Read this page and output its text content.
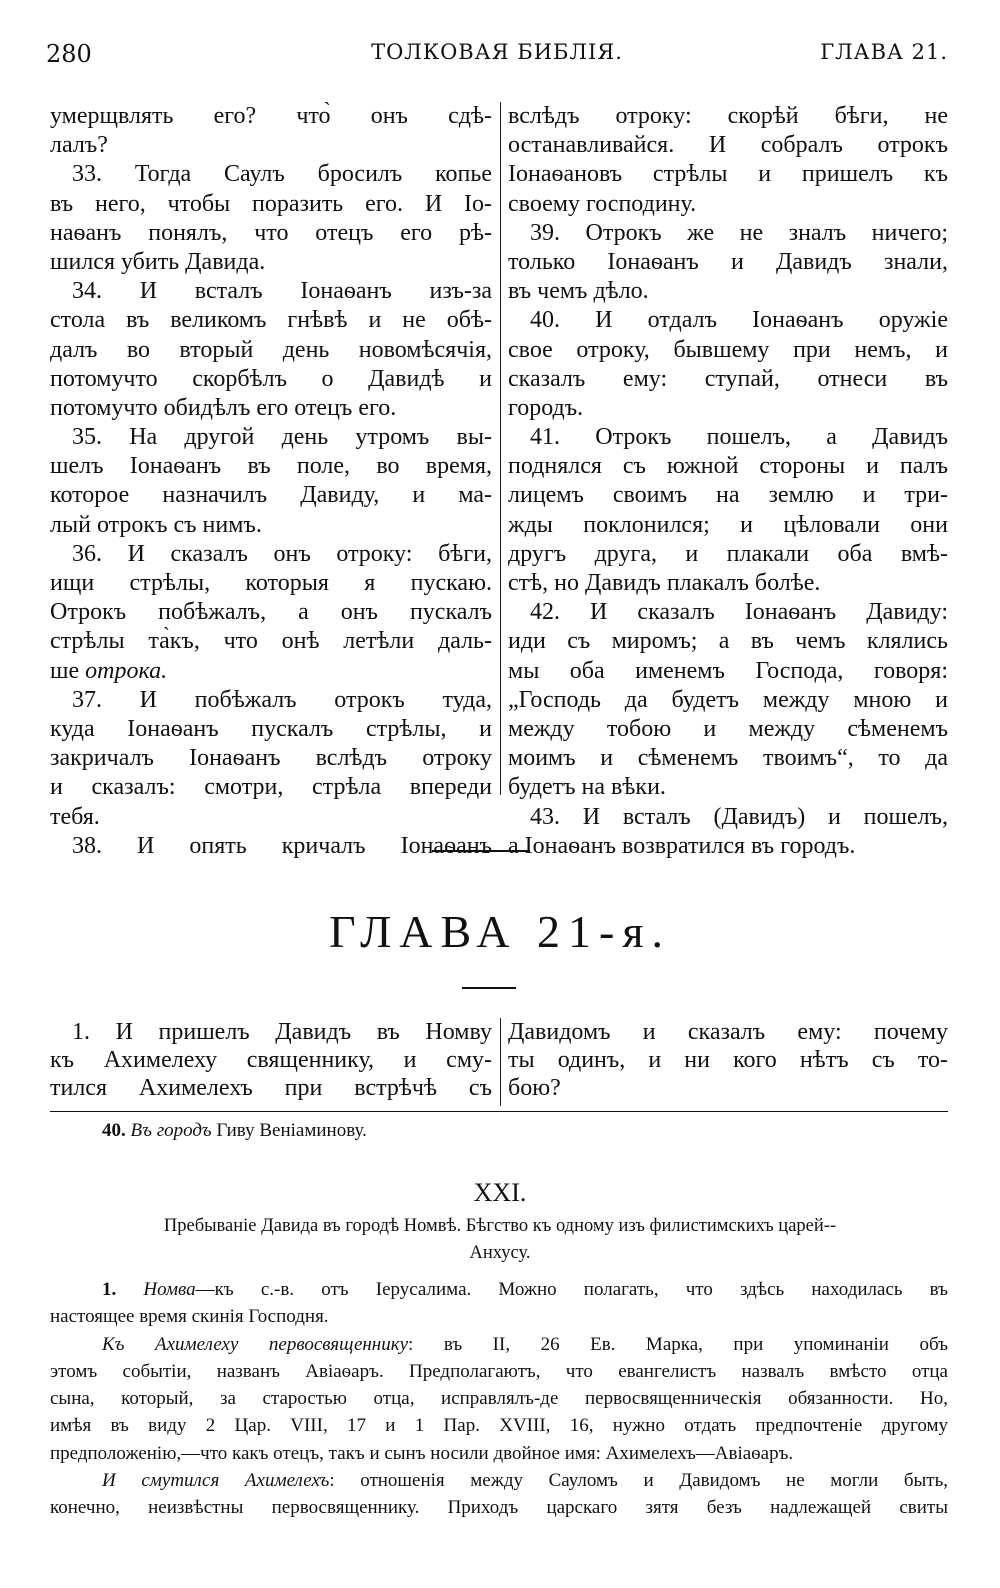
280	ТОЛКОВАЯ БИБЛІЯ.	ГЛАВА 21.
умерщвлять его? что̀ онъ сдѣ-
лалъ?
33. Тогда Саулъ бросилъ копье
въ него, чтобы поразить его. И Іо-
наѳанъ понялъ, что отецъ его рѣ-
шился убить Давида.
34. И всталъ Іонаѳанъ изъ-за
стола въ великомъ гнѣвѣ и не обѣ-
далъ во вторый день новомѣсячія,
потомучто скорбѣлъ о Давидѣ и
потомучто обидѣлъ его отецъ его.
35. На другой день утромъ вы-
шелъ Іонаѳанъ въ поле, во время,
которое назначилъ Давиду, и ма-
лый отрокъ съ нимъ.
36. И сказалъ онъ отроку: бѣги,
ищи стрѣлы, которыя я пускаю.
Отрокъ побѣжалъ, а онъ пускалъ
стрѣлы та̀къ, что онѣ летѣли даль-
ше отрока.
37. И побѣжалъ отрокъ туда,
куда Іонаѳанъ пускалъ стрѣлы, и
закричалъ Іонаѳанъ вслѣдъ отроку
и сказалъ: смотри, стрѣла впереди
тебя.
38. И опять кричалъ Іонаѳанъ
вслѣдъ отроку: скорѣй бѣги, не
останавливайся. И собралъ отрокъ
Іонаѳановъ стрѣлы и пришелъ къ
своему господину.
39. Отрокъ же не зналъ ничего;
только Іонаѳанъ и Давидъ знали,
въ чемъ дѣло.
40. И отдалъ Іонаѳанъ оружіе
свое отроку, бывшему при немъ, и
сказалъ ему: ступай, отнеси въ
городъ.
41. Отрокъ пошелъ, а Давидъ
поднялся съ южной стороны и палъ
лицемъ своимъ на землю и три-
жды поклонился; и цѣловали они
другъ друга, и плакали оба вмѣ-
стѣ, но Давидъ плакалъ болѣе.
42. И сказалъ Іонаѳанъ Давиду:
иди съ миромъ; а въ чемъ клялись
мы оба именемъ Господа, говоря:
„Господь да будетъ между мною и
между тобою и между сѣменемъ
моимъ и сѣменемъ твоимъ“, то да
будетъ на вѣки.
43. И всталъ (Давидъ) и пошелъ,
а Іонаѳанъ возвратился въ городъ.
ГЛАВА 21-я.
1. И пришелъ Давидъ въ Номву
къ Ахимелеху священнику, и сму-
тился Ахимелехъ при встрѣчѣ съ
Давидомъ и сказалъ ему: почему
ты одинъ, и ни кого нѣтъ съ то-
бою?
40. Въ городъ Гиву Веніаминову.
XXI.
Пребываніе Давида въ городѣ Номвѣ. Бѣгство къ одному изъ филистимскихъ царей--
Анхусу.
1. Номва—къ с.-в. отъ Іерусалима. Можно полагать, что здѣсь находилась въ
настоящее время скинія Господня.
Къ Ахимелеху первосвященнику: въ II, 26 Ев. Марка, при упоминаніи объ
этомъ событіи, названъ Авіаѳаръ. Предполагаютъ, что евангелистъ назвалъ вмѣсто отца
сына, который, за старостью отца, исправлялъ-де первосвященническія обязанности. Но,
имѣя въ виду 2 Цар. VIII, 17 и 1 Пар. XVIII, 16, нужно отдать предпочтеніе другому
предположенію,—что какъ отецъ, такъ и сынъ носили двойное имя: Ахимелехъ—Авіаѳаръ.
И смутился Ахимелехъ: отношенія между Сауломъ и Давидомъ не могли быть,
конечно, неизвѣстны первосвященнику. Приходъ царскаго зятя безъ надлежащей свиты
